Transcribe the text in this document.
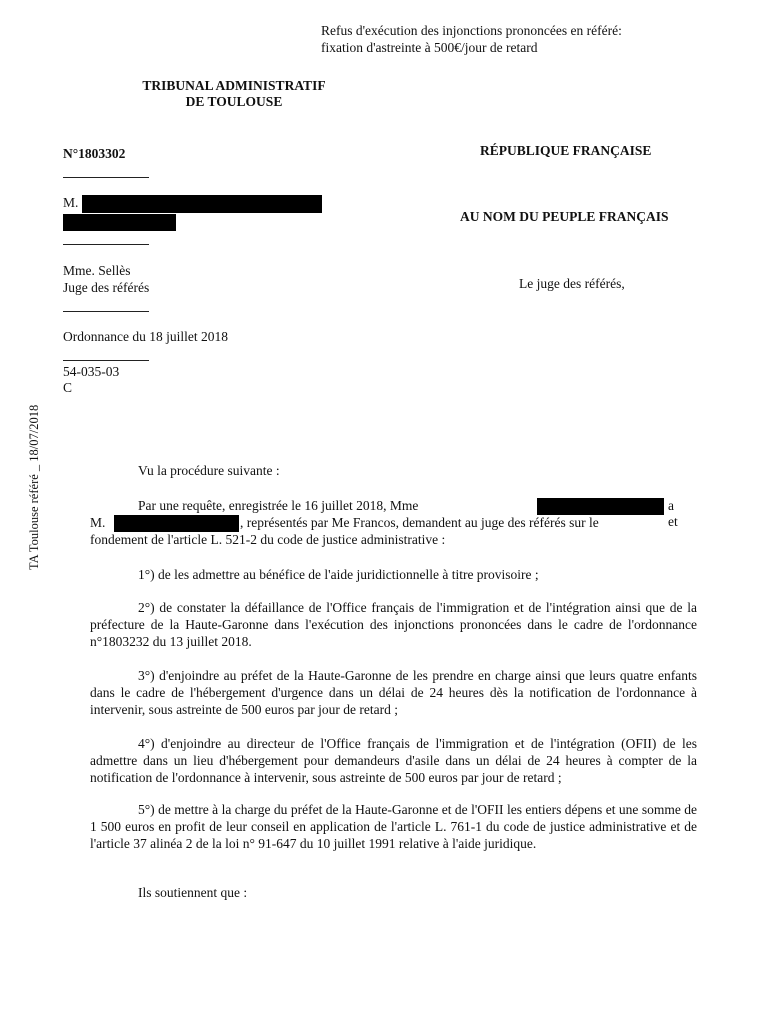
Refus d'exécution des injonctions prononcées en référé:
fixation d'astreinte à 500€/jour de retard
TRIBUNAL ADMINISTRATIF
DE TOULOUSE
N°1803302	RÉPUBLIQUE FRANÇAISE
AU NOM DU PEUPLE FRANÇAIS
M.
Mme. Sellès
Juge des référés	Le juge des référés,
Ordonnance du 18 juillet 2018
54-035-03
C
TA Toulouse référé _ 18/07/2018	Vu la procédure suivante :
Par une requête, enregistrée le 16 juillet 2018, Mme	a et
M.	, représentés par Me Francos, demandent au juge des référés sur le
fondement de l'article L. 521-2 du code de justice administrative :
1°) de les admettre au bénéfice de l'aide juridictionnelle à titre provisoire ;
2°) de constater la défaillance de l'Office français de l'immigration et de l'intégration ainsi que de la préfecture de la Haute-Garonne dans l'exécution des injonctions prononcées dans le cadre de l'ordonnance n°1803232 du 13 juillet 2018.
3°) d'enjoindre au préfet de la Haute-Garonne de les prendre en charge ainsi que leurs quatre enfants dans le cadre de l'hébergement d'urgence dans un délai de 24 heures dès la notification de l'ordonnance à intervenir, sous astreinte de 500 euros par jour de retard ;
4°) d'enjoindre au directeur de l'Office français de l'immigration et de l'intégration (OFII) de les admettre dans un lieu d'hébergement pour demandeurs d'asile dans un délai de 24 heures à compter de la notification de l'ordonnance à intervenir, sous astreinte de 500 euros par jour de retard ;
5°) de mettre à la charge du préfet de la Haute-Garonne et de l'OFII les entiers dépens et une somme de 1 500 euros en profit de leur conseil en application de l'article L. 761-1 du code de justice administrative et de l'article 37 alinéa 2 de la loi n° 91-647 du 10 juillet 1991 relative à l'aide juridique.
Ils soutiennent que :
